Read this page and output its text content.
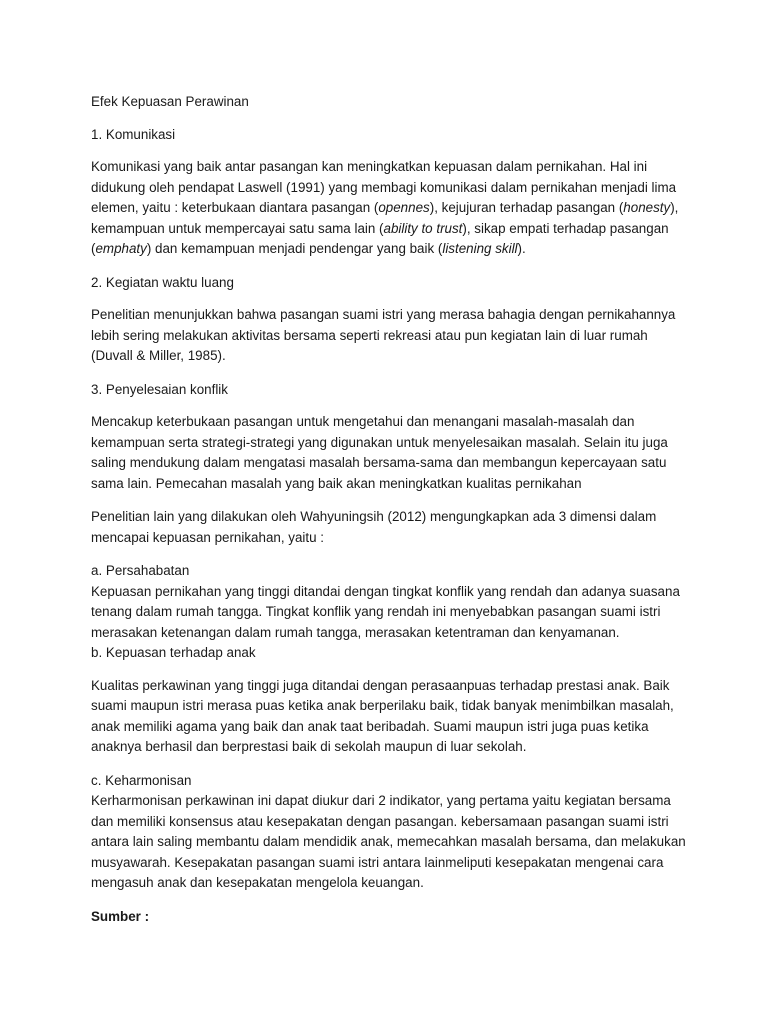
Efek Kepuasan Perawinan

1. Komunikasi

Komunikasi yang baik antar pasangan kan meningkatkan kepuasan dalam pernikahan. Hal ini didukung oleh pendapat Laswell (1991) yang membagi komunikasi dalam pernikahan menjadi lima elemen, yaitu : keterbukaan diantara pasangan (opennes), kejujuran terhadap pasangan (honesty), kemampuan untuk mempercayai satu sama lain (ability to trust), sikap empati terhadap pasangan (emphaty) dan kemampuan menjadi pendengar yang baik (listening skill).

2. Kegiatan waktu luang

Penelitian menunjukkan bahwa pasangan suami istri yang merasa bahagia dengan pernikahannya lebih sering melakukan aktivitas bersama seperti rekreasi atau pun kegiatan lain di luar rumah (Duvall & Miller, 1985).

3. Penyelesaian konflik

Mencakup keterbukaan pasangan untuk mengetahui dan menangani masalah-masalah dan kemampuan serta strategi-strategi yang digunakan untuk menyelesaikan masalah. Selain itu juga saling mendukung dalam mengatasi masalah bersama-sama dan membangun kepercayaan satu sama lain. Pemecahan masalah yang baik akan meningkatkan kualitas pernikahan

Penelitian lain yang dilakukan oleh Wahyuningsih (2012) mengungkapkan ada 3 dimensi dalam mencapai kepuasan pernikahan, yaitu :

a. Persahabatan

Kepuasan pernikahan yang tinggi ditandai dengan tingkat konflik yang rendah dan adanya suasana tenang dalam rumah tangga. Tingkat konflik yang rendah ini menyebabkan pasangan suami istri merasakan ketenangan dalam rumah tangga, merasakan ketentraman dan kenyamanan.

b. Kepuasan terhadap anak

Kualitas perkawinan yang tinggi juga ditandai dengan perasaanpuas terhadap prestasi anak. Baik suami maupun istri merasa puas ketika anak berperilaku baik, tidak banyak menimbilkan masalah, anak memiliki agama yang baik dan anak taat beribadah. Suami maupun istri juga puas ketika anaknya berhasil dan berprestasi baik di sekolah maupun di luar sekolah.

c. Keharmonisan

Kerharmonisan perkawinan ini dapat diukur dari 2 indikator, yang pertama yaitu kegiatan bersama dan memiliki konsensus atau kesepakatan dengan pasangan. kebersamaan pasangan suami istri antara lain saling membantu dalam mendidik anak, memecahkan masalah bersama, dan melakukan musyawarah. Kesepakatan pasangan suami istri antara lainmeliputi kesepakatan mengenai cara mengasuh anak dan kesepakatan mengelola keuangan.

Sumber :
